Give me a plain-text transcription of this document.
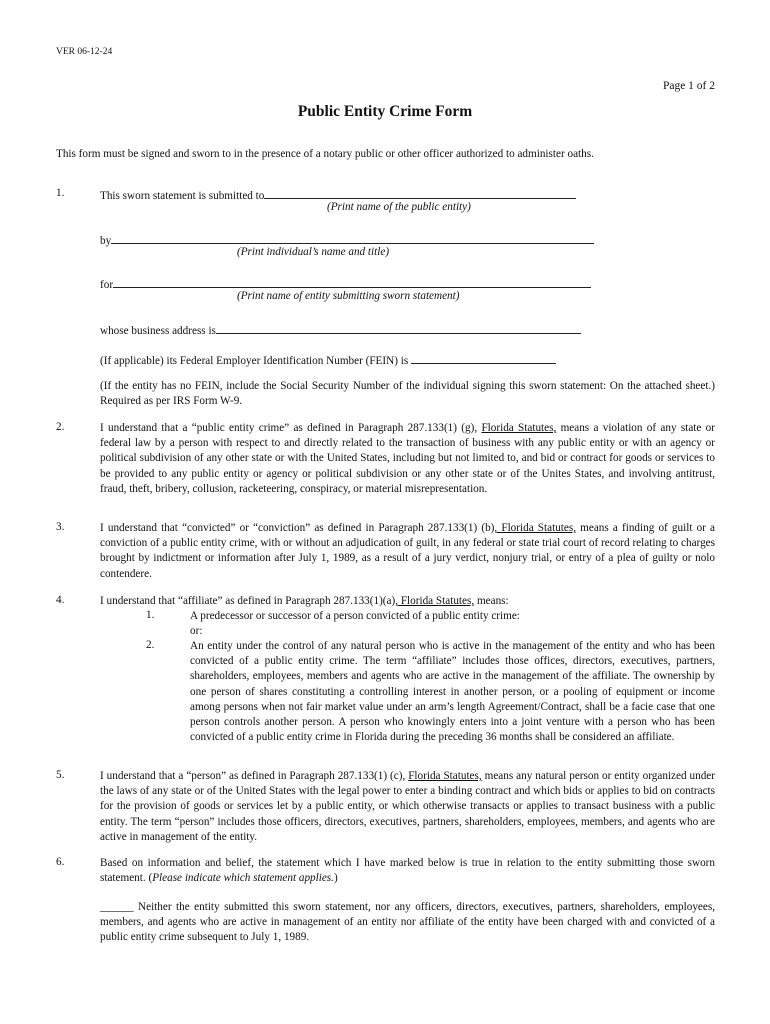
VER 06-12-24
Page 1 of 2
Public Entity Crime Form
This form must be signed and sworn to in the presence of a notary public or other officer authorized to administer oaths.
1.	This sworn statement is submitted to
(Print name of the public entity)
by
(Print individual’s name and title)
for
(Print name of entity submitting sworn statement)
whose business address is
(If applicable) its Federal Employer Identification Number (FEIN) is
(If the entity has no FEIN, include the Social Security Number of the individual signing this sworn statement: On the attached sheet.) Required as per IRS Form W-9.
2.	I understand that a “public entity crime” as defined in Paragraph 287.133(1) (g), Florida Statutes, means a violation of any state or federal law by a person with respect to and directly related to the transaction of business with any public entity or with an agency or political subdivision of any other state or with the United States, including but not limited to, and bid or contract for goods or services to be provided to any public entity or agency or political subdivision or any other state or of the Unites States, and involving antitrust, fraud, theft, bribery, collusion, racketeering, conspiracy, or material misrepresentation.
3.	I understand that “convicted” or “conviction” as defined in Paragraph 287.133(1) (b), Florida Statutes, means a finding of guilt or a conviction of a public entity crime, with or without an adjudication of guilt, in any federal or state trial court of record relating to charges brought by indictment or information after July 1, 1989, as a result of a jury verdict, nonjury trial, or entry of a plea of guilty or nolo contendere.
4.	I understand that “affiliate” as defined in Paragraph 287.133(1)(a), Florida Statutes, means:
1.	A predecessor or successor of a person convicted of a public entity crime:
or:
2.	An entity under the control of any natural person who is active in the management of the entity and who has been convicted of a public entity crime. The term “affiliate” includes those offices, directors, executives, partners, shareholders, employees, members and agents who are active in the management of the affiliate. The ownership by one person of shares constituting a controlling interest in another person, or a pooling of equipment or income among persons when not fair market value under an arm’s length Agreement/Contract, shall be a facie case that one person controls another person. A person who knowingly enters into a joint venture with a person who has been convicted of a public entity crime in Florida during the preceding 36 months shall be considered an affiliate.
5.	I understand that a “person” as defined in Paragraph 287.133(1) (c), Florida Statutes, means any natural person or entity organized under the laws of any state or of the United States with the legal power to enter a binding contract and which bids or applies to bid on contracts for the provision of goods or services let by a public entity, or which otherwise transacts or applies to transact business with a public entity. The term “person” includes those officers, directors, executives, partners, shareholders, employees, members, and agents who are active in management of the entity.
6.	Based on information and belief, the statement which I have marked below is true in relation to the entity submitting those sworn statement. (Please indicate which statement applies.)
______ Neither the entity submitted this sworn statement, nor any officers, directors, executives, partners, shareholders, employees, members, and agents who are active in management of an entity nor affiliate of the entity have been charged with and convicted of a public entity crime subsequent to July 1, 1989.
